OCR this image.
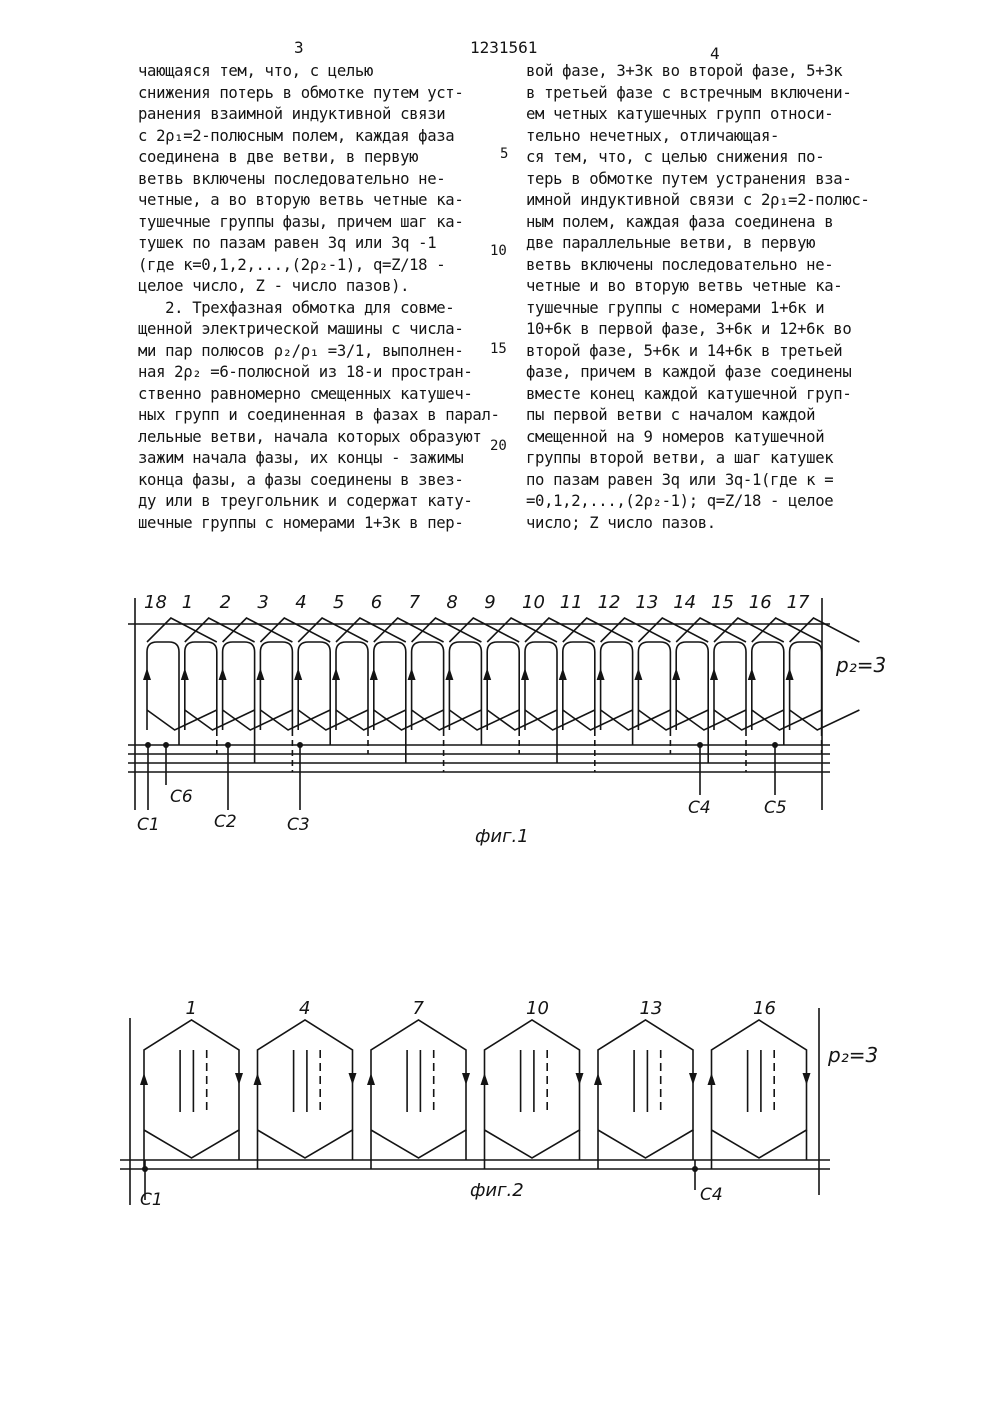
3	1231561	4
чающаяся тем, что, с целью
снижения потерь в обмотке путем уст-
ранения взаимной индуктивной связи
с 2ρ₁=2-полюсным полем, каждая фаза
соединена в две ветви, в первую
ветвь включены последовательно не-
четные, а во вторую ветвь четные ка-
тушечные группы фазы, причем шаг ка-
тушек по пазам равен 3q или 3q -1
(где к=0,1,2,...,(2ρ₂-1), q=Z/18 -
целое число, Z - число пазов).
2. Трехфазная обмотка для совме-
щенной электрической машины с числа-
ми пар полюсов ρ₂/ρ₁ =3/1, выполнен-
ная 2ρ₂ =6-полюсной из 18-и простран-
ственно равномерно смещенных катушеч-
ных групп и соединенная в фазах в парал-
лельные ветви, начала которых образуют
зажим начала фазы, их концы - зажимы
конца фазы, а фазы соединены в звез-
ду или в треугольник и содержат кату-
шечные группы с номерами 1+3к в пер-
вой фазе, 3+3к во второй фазе, 5+3к
в третьей фазе с встречным включени-
ем четных катушечных групп относи-
тельно нечетных, отличающая-
ся тем, что, с целью снижения по-
терь в обмотке путем устранения вза-
имной индуктивной связи с 2ρ₁=2-полюс-
ным полем, каждая фаза соединена в
две параллельные ветви, в первую
ветвь включены последовательно не-
четные и во вторую ветвь четные ка-
тушечные группы с номерами 1+6к и
10+6к в первой фазе, 3+6к и 12+6к во
второй фазе, 5+6к и 14+6к в третьей
фазе, причем в каждой фазе соединены
вместе конец каждой катушечной груп-
пы первой ветви с началом каждой
смещенной на 9 номеров катушечной
группы второй ветви, а шаг катушек
по пазам равен 3q или 3q-1(где к =
=0,1,2,...,(2ρ₂-1); q=Z/18 - целое
число; Z число пазов.
5
10
15
20
18 1 2 3 4 5 6 7 8 9 10 11 12 13 14 15 16 17
C1
C6
C2	C3
C4	C5
p₂=3
фиг.1
1	4	7	10	13	16
C1	C4
p₂=3
фиг.2
